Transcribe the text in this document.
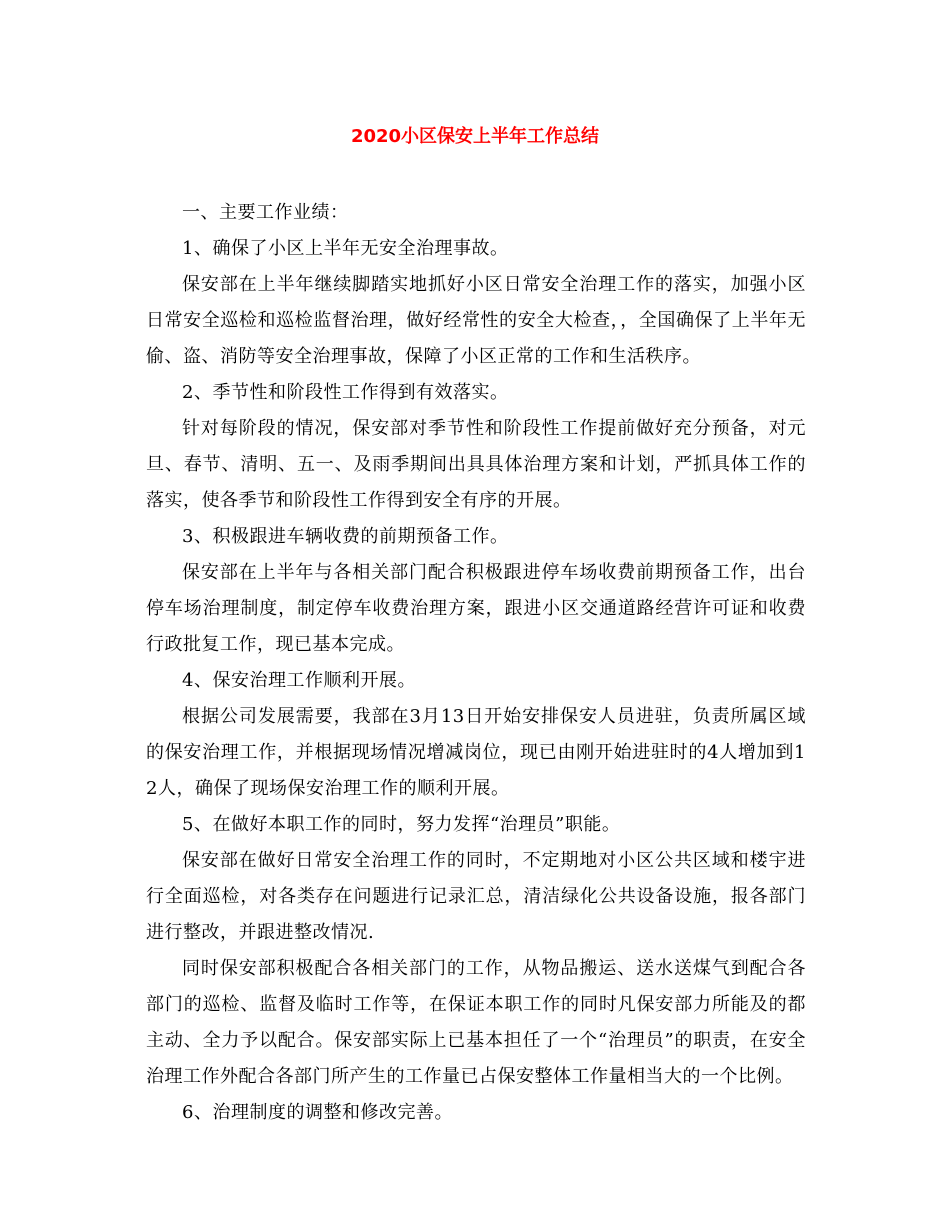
2020小区保安上半年工作总结

一、主要工作业绩：

1、确保了小区上半年无安全治理事故。

保安部在上半年继续脚踏实地抓好小区日常安全治理工作的落实，加强小区日常安全巡检和巡检监督治理，做好经常性的安全大检查，，全国确保了上半年无偷、盗、消防等安全治理事故，保障了小区正常的工作和生活秩序。

2、季节性和阶段性工作得到有效落实。

针对每阶段的情况，保安部对季节性和阶段性工作提前做好充分预备，对元旦、春节、清明、五一、及雨季期间出具具体治理方案和计划，严抓具体工作的落实，使各季节和阶段性工作得到安全有序的开展。

3、积极跟进车辆收费的前期预备工作。

保安部在上半年与各相关部门配合积极跟进停车场收费前期预备工作，出台停车场治理制度，制定停车收费治理方案，跟进小区交通道路经营许可证和收费行政批复工作，现已基本完成。

4、保安治理工作顺利开展。

根据公司发展需要，我部在3月13日开始安排保安人员进驻，负责所属区域的保安治理工作，并根据现场情况增减岗位，现已由刚开始进驻时的4人增加到12人，确保了现场保安治理工作的顺利开展。

5、在做好本职工作的同时，努力发挥“治理员”职能。

保安部在做好日常安全治理工作的同时，不定期地对小区公共区域和楼宇进行全面巡检，对各类存在问题进行记录汇总，清洁绿化公共设备设施，报各部门进行整改，并跟进整改情况.

同时保安部积极配合各相关部门的工作，从物品搬运、送水送煤气到配合各部门的巡检、监督及临时工作等，在保证本职工作的同时凡保安部力所能及的都主动、全力予以配合。保安部实际上已基本担任了一个“治理员”的职责，在安全治理工作外配合各部门所产生的工作量已占保安整体工作量相当大的一个比例。

6、治理制度的调整和修改完善。
